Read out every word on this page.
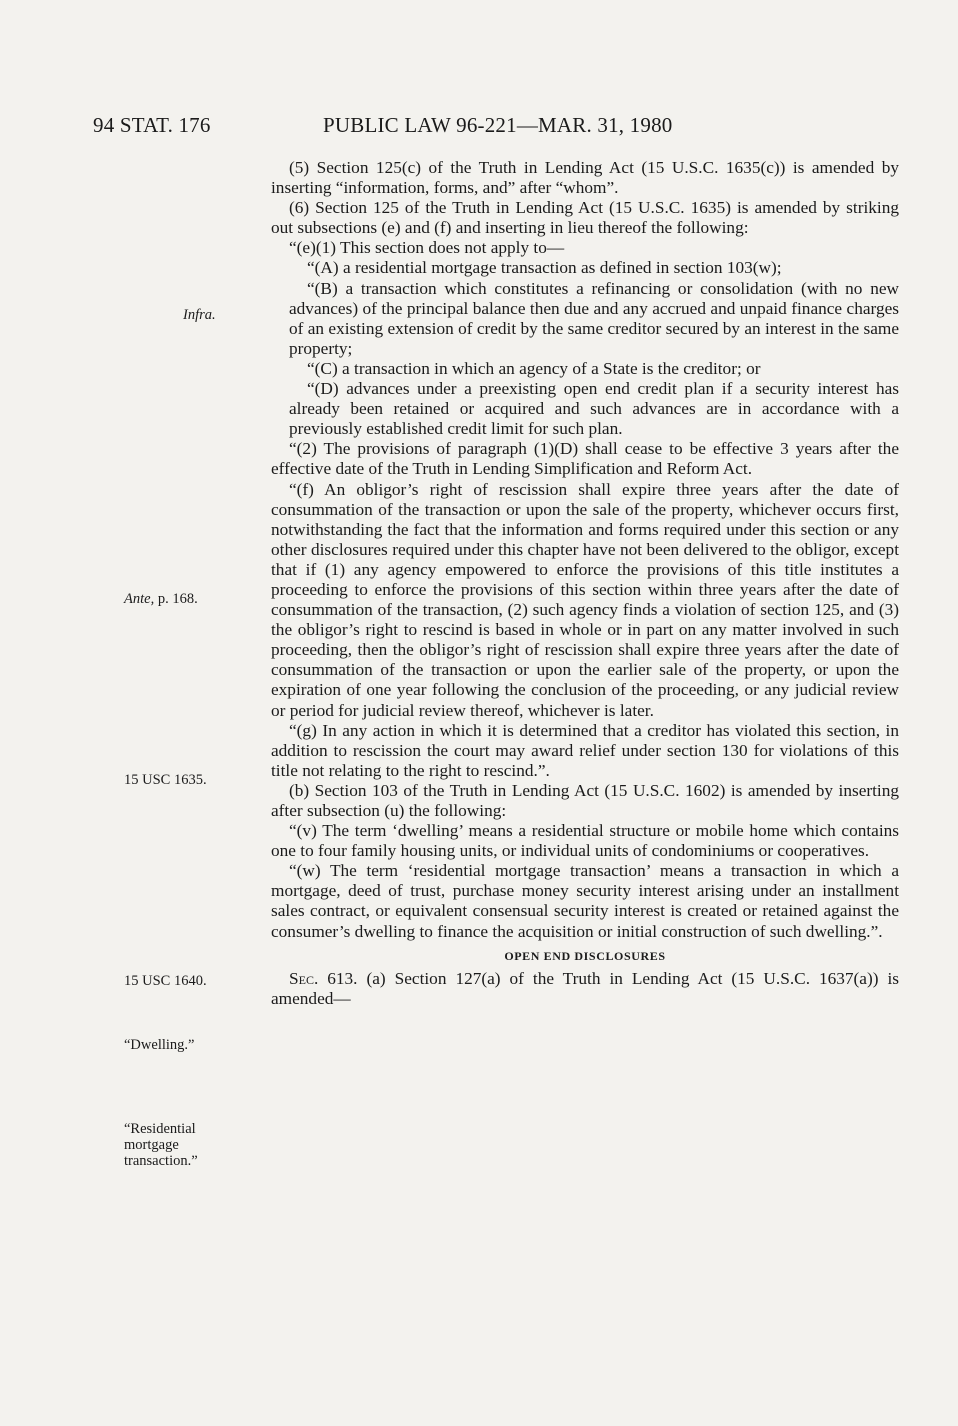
94 STAT. 176	PUBLIC LAW 96-221—MAR. 31, 1980
Infra.
Ante, p. 168.
15 USC 1635.
15 USC 1640.
“Dwelling.”
“Residential
mortgage
transaction.”

(5) Section 125(c) of the Truth in Lending Act (15 U.S.C. 1635(c)) is amended by inserting “information, forms, and” after “whom”.

(6) Section 125 of the Truth in Lending Act (15 U.S.C. 1635) is amended by striking out subsections (e) and (f) and inserting in lieu thereof the following:

“(e)(1) This section does not apply to—

“(A) a residential mortgage transaction as defined in section 103(w);

“(B) a transaction which constitutes a refinancing or consolidation (with no new advances) of the principal balance then due and any accrued and unpaid finance charges of an existing extension of credit by the same creditor secured by an interest in the same property;

“(C) a transaction in which an agency of a State is the creditor; or

“(D) advances under a preexisting open end credit plan if a security interest has already been retained or acquired and such advances are in accordance with a previously established credit limit for such plan.

“(2) The provisions of paragraph (1)(D) shall cease to be effective 3 years after the effective date of the Truth in Lending Simplification and Reform Act.

“(f) An obligor’s right of rescission shall expire three years after the date of consummation of the transaction or upon the sale of the property, whichever occurs first, notwithstanding the fact that the information and forms required under this section or any other disclosures required under this chapter have not been delivered to the obligor, except that if (1) any agency empowered to enforce the provisions of this title institutes a proceeding to enforce the provisions of this section within three years after the date of consummation of the transaction, (2) such agency finds a violation of section 125, and (3) the obligor’s right to rescind is based in whole or in part on any matter involved in such proceeding, then the obligor’s right of rescission shall expire three years after the date of consummation of the transaction or upon the earlier sale of the property, or upon the expiration of one year following the conclusion of the proceeding, or any judicial review or period for judicial review thereof, whichever is later.

“(g) In any action in which it is determined that a creditor has violated this section, in addition to rescission the court may award relief under section 130 for violations of this title not relating to the right to rescind.”.

(b) Section 103 of the Truth in Lending Act (15 U.S.C. 1602) is amended by inserting after subsection (u) the following:

“(v) The term ‘dwelling’ means a residential structure or mobile home which contains one to four family housing units, or individual units of condominiums or cooperatives.

“(w) The term ‘residential mortgage transaction’ means a transaction in which a mortgage, deed of trust, purchase money security interest arising under an installment sales contract, or equivalent consensual security interest is created or retained against the consumer’s dwelling to finance the acquisition or initial construction of such dwelling.”.

OPEN END DISCLOSURES

Sec. 613. (a) Section 127(a) of the Truth in Lending Act (15 U.S.C. 1637(a)) is amended—
